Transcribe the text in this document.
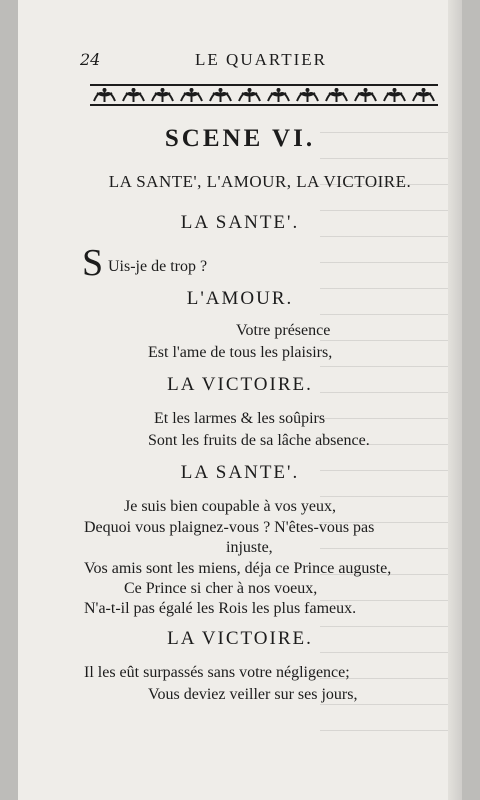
24	LE QUARTIER
SCENE VI.
LA SANTE', L'AMOUR, LA VICTOIRE.
LA SANTE'.
S Uis-je de trop ?
L'AMOUR.
Votre présence
Est l'ame de tous les plaisirs,
LA VICTOIRE.
Et les larmes & les soûpirs
Sont les fruits de sa lâche absence.
LA SANTE'.
Je suis bien coupable à vos yeux,
Dequoi vous plaignez-vous ? N'êtes-vous pas
injuste,
Vos amis sont les miens, déja ce Prince auguste,
Ce Prince si cher à nos voeux,
N'a-t-il pas égalé les Rois les plus fameux.
LA VICTOIRE.
Il les eût surpassés sans votre négligence;
Vous deviez veiller sur ses jours,
